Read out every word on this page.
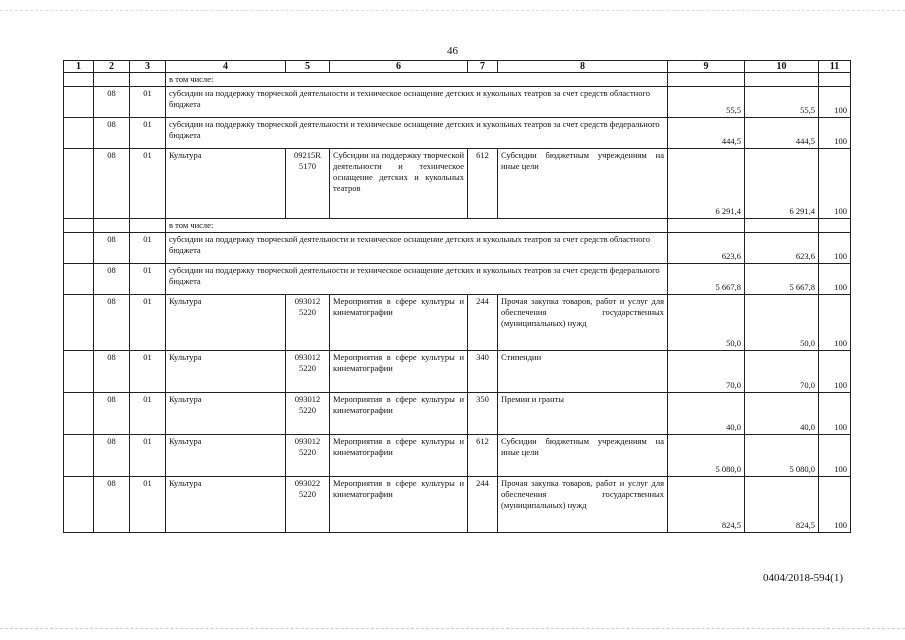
46
1	2	3	4	5	6	7	8	9	10	11
			в том числе:							
	08	01	субсидии на поддержку творческой деятельности и техническое оснащение детских и кукольных театров за счет средств областного бюджета					55,5	55,5	100
	08	01	субсидии на поддержку творческой деятельности и техническое оснащение детских и кукольных театров за счет средств федерального бюджета					444,5	444,5	100
	08	01	Культура	09215R 5170	Субсидии на поддержку творческой деятельности и техническое оснащение детских и кукольных театров	612	Субсидии бюджетным учреждениям на иные цели	6 291,4	6 291,4	100
			в том числе:							
	08	01	субсидии на поддержку творческой деятельности и техническое оснащение детских и кукольных театров за счет средств областного бюджета					623,6	623,6	100
	08	01	субсидии на поддержку творческой деятельности и техническое оснащение детских и кукольных театров за счет средств федерального бюджета					5 667,8	5 667,8	100
	08	01	Культура	093012 5220	Мероприятия в сфере культуры и кинематографии	244	Прочая закупка товаров, работ и услуг для обеспечения государственных (муниципальных) нужд	50,0	50,0	100
	08	01	Культура	093012 5220	Мероприятия в сфере культуры и кинематографии	340	Стипендии	70,0	70,0	100
	08	01	Культура	093012 5220	Мероприятия в сфере культуры и кинематографии	350	Премии и гранты	40,0	40,0	100
	08	01	Культура	093012 5220	Мероприятия в сфере культуры и кинематографии	612	Субсидии бюджетным учреждениям на иные цели	5 080,0	5 080,0	100
	08	01	Культура	093022 5220	Мероприятия в сфере культуры и кинематографии	244	Прочая закупка товаров, работ и услуг для обеспечения государственных (муниципальных) нужд	824,5	824,5	100
0404/2018-594(1)
